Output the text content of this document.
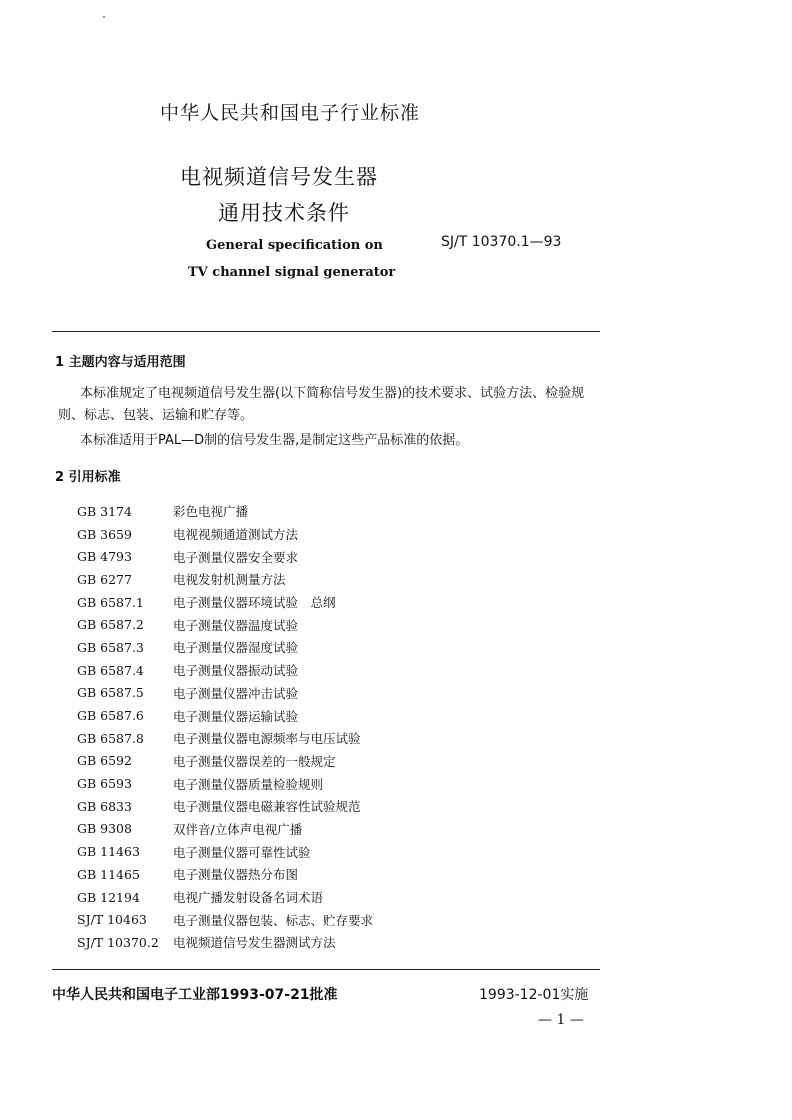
中华人民共和国电子行业标准
电视频道信号发生器
通用技术条件
General specification on
TV channel signal generator
SJ/T 10370.1—93
1 主题内容与适用范围
本标准规定了电视频道信号发生器(以下简称信号发生器)的技术要求、试验方法、检验规则、标志、包装、运输和贮存等。
本标准适用于PAL—D制的信号发生器,是制定这些产品标准的依据。
2 引用标准
GB 3174	彩色电视广播
GB 3659	电视视频通道测试方法
GB 4793	电子测量仪器安全要求
GB 6277	电视发射机测量方法
GB 6587.1	电子测量仪器环境试验　总纲
GB 6587.2	电子测量仪器温度试验
GB 6587.3	电子测量仪器湿度试验
GB 6587.4	电子测量仪器振动试验
GB 6587.5	电子测量仪器冲击试验
GB 6587.6	电子测量仪器运输试验
GB 6587.8	电子测量仪器电源频率与电压试验
GB 6592	电子测量仪器误差的一般规定
GB 6593	电子测量仪器质量检验规则
GB 6833	电子测量仪器电磁兼容性试验规范
GB 9308	双伴音/立体声电视广播
GB 11463	电子测量仪器可靠性试验
GB 11465	电子测量仪器热分布图
GB 12194	电视广播发射设备名词术语
SJ/T 10463	电子测量仪器包装、标志、贮存要求
SJ/T 10370.2	电视频道信号发生器测试方法
中华人民共和国电子工业部1993-07-21批准	1993-12-01实施
— 1 —
